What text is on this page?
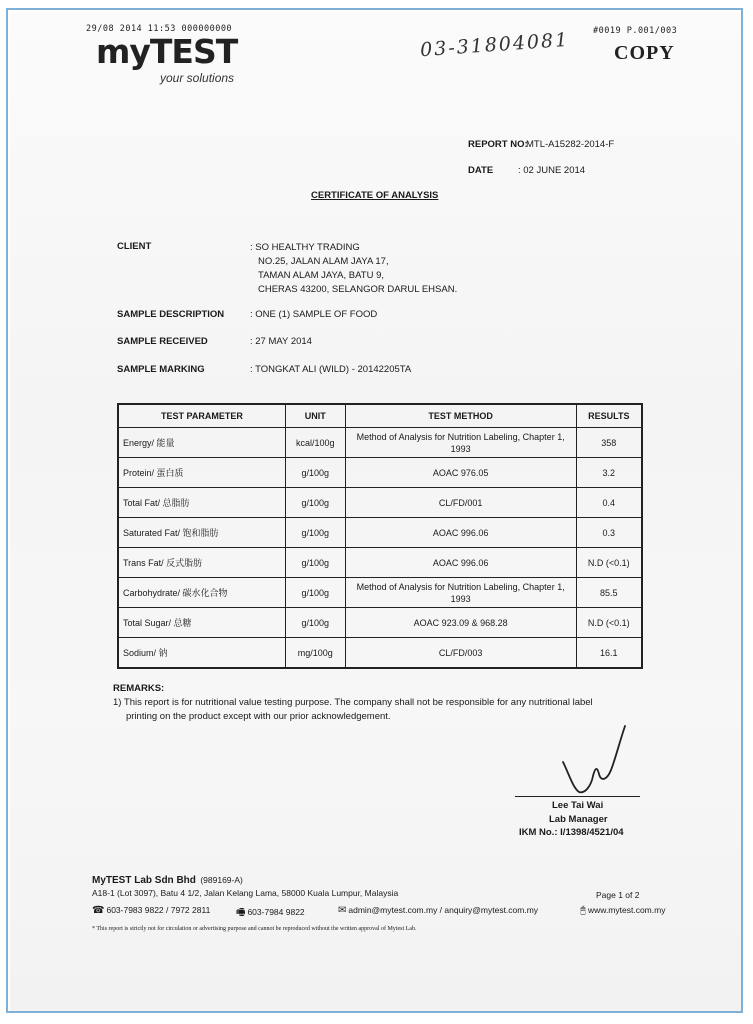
29/08 2014 11:53 000000000	#0019 P.001/003
myTEST
your solutions
03-31804081 COPY
REPORT NO:
MTL-A15282-2014-F
DATE	: 02 JUNE 2014
CERTIFICATE OF ANALYSIS
CLIENT	: SO HEALTHY TRADING
NO.25, JALAN ALAM JAYA 17,
TAMAN ALAM JAYA, BATU 9,
CHERAS 43200, SELANGOR DARUL EHSAN.
SAMPLE DESCRIPTION	: ONE (1) SAMPLE OF FOOD
SAMPLE RECEIVED	: 27 MAY 2014
SAMPLE MARKING	: TONGKAT ALI (WILD) - 20142205TA
TEST PARAMETER	UNIT	TEST METHOD	RESULTS
Energy/ 能量	kcal/100g	Method of Analysis for Nutrition Labeling, Chapter 1, 1993	358
Protein/ 蛋白质	g/100g	AOAC 976.05	3.2
Total Fat/ 总脂肪	g/100g	CL/FD/001	0.4
Saturated Fat/ 饱和脂肪	g/100g	AOAC 996.06	0.3
Trans Fat/ 反式脂肪	g/100g	AOAC 996.06	N.D (<0.1)
Carbohydrate/ 碳水化合物	g/100g	Method of Analysis for Nutrition Labeling, Chapter 1, 1993	85.5
Total Sugar/ 总糖	g/100g	AOAC 923.09 & 968.28	N.D (<0.1)
Sodium/ 钠	mg/100g	CL/FD/003	16.1
REMARKS:
1) This report is for nutritional value testing purpose. The company shall not be responsible for any nutritional label
printing on the product except with our prior acknowledgement.
Lee Tai Wai
Lab Manager
IKM No.: I/1398/4521/04
MyTEST Lab Sdn Bhd (989169-A)
A18-1 (Lot 3097), Batu 4 1/2, Jalan Kelang Lama, 58000 Kuala Lumpur, Malaysia	Page 1 of 2
☎ 603-7983 9822 / 7972 2811	🖷 603-7984 9822	✉ admin@mytest.com.my / anquiry@mytest.com.my	🖰 www.mytest.com.my
* This report is strictly not for circulation or advertising purpose and cannot be reproduced without the written approval of Mytest Lab.
